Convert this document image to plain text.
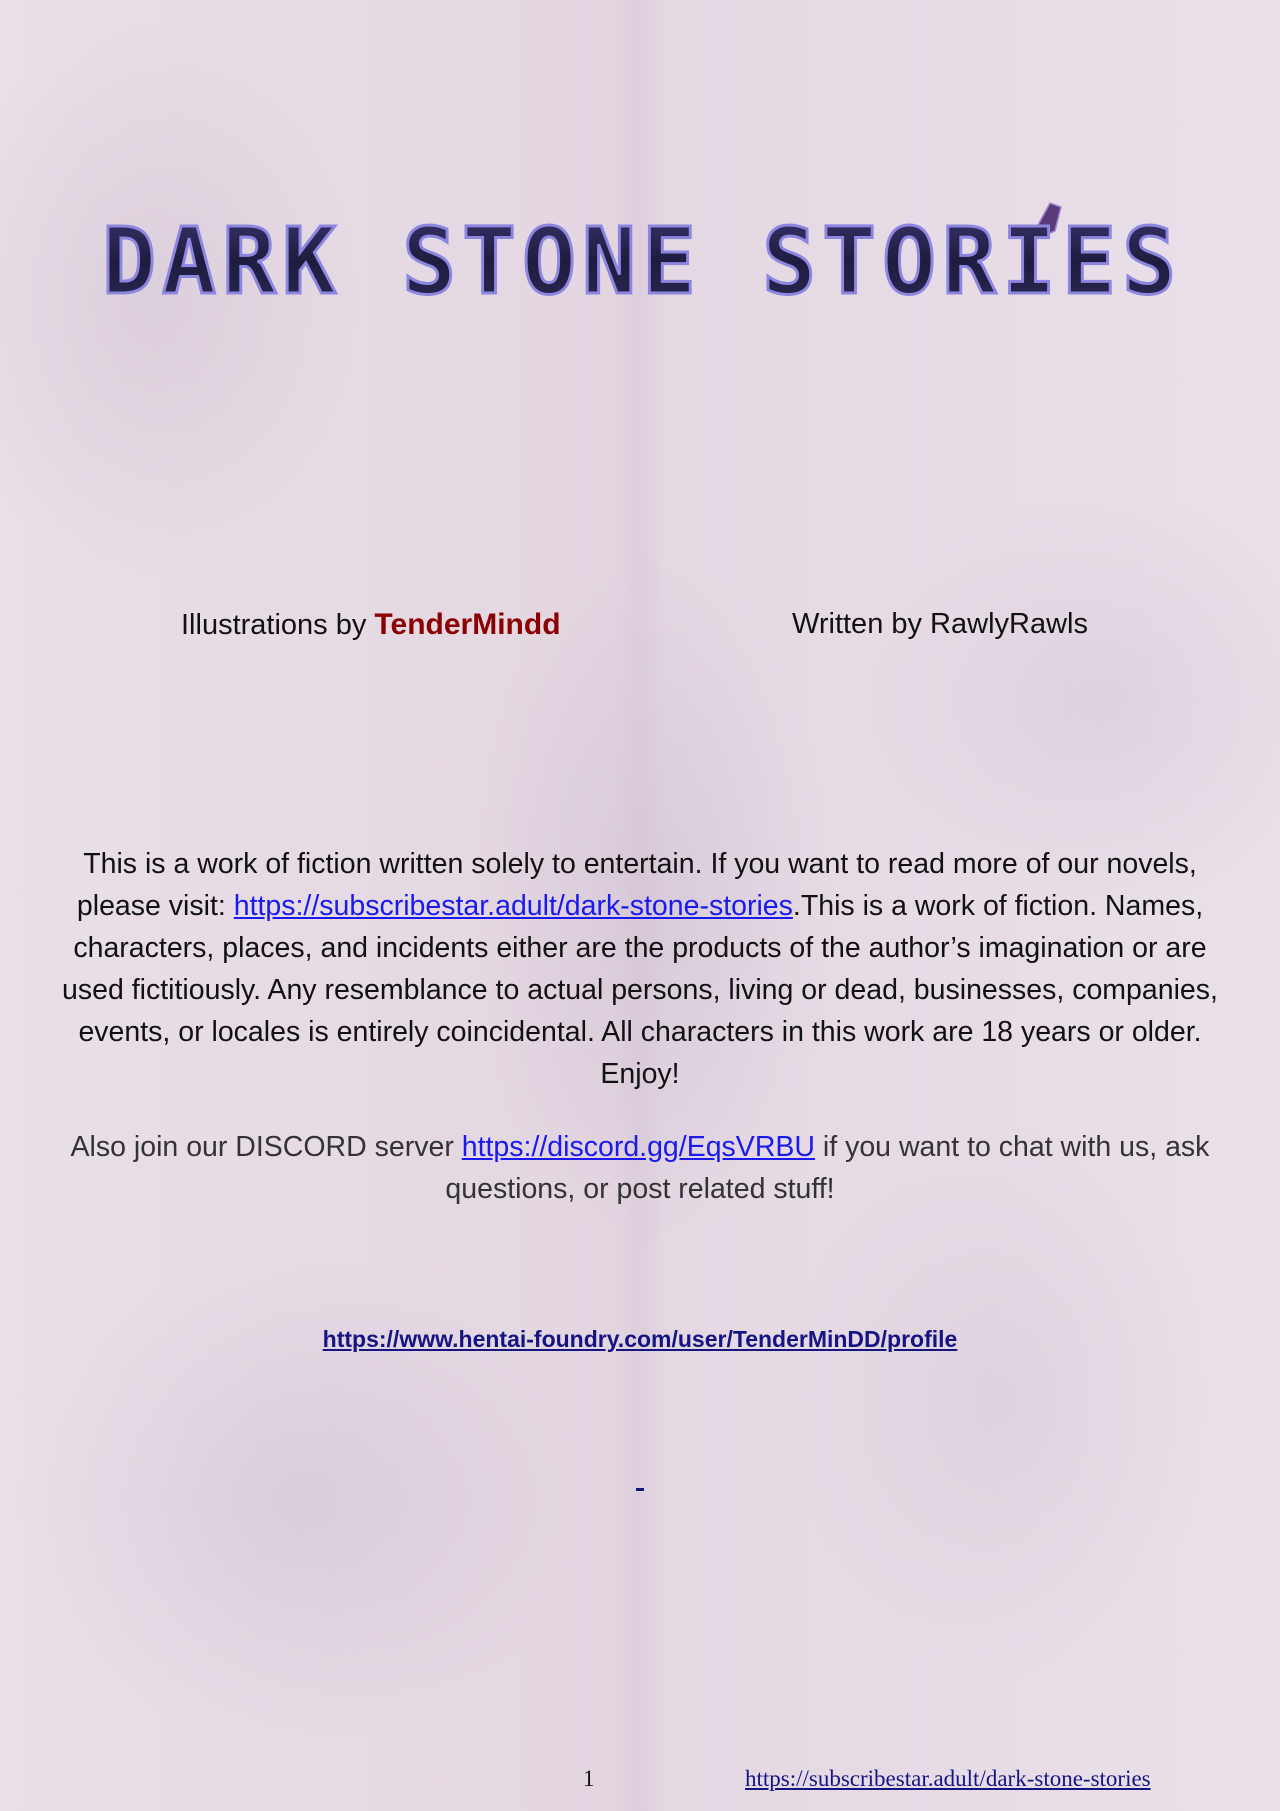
DARK STONE STORIES
Illustrations by TenderMindd	Written by RawlyRawls
This is a work of fiction written solely to entertain. If you want to read more of our novels, please visit: https://subscribestar.adult/dark-stone-stories.This is a work of fiction. Names, characters, places, and incidents either are the products of the author’s imagination or are used fictitiously. Any resemblance to actual persons, living or dead, businesses, companies, events, or locales is entirely coincidental. All characters in this work are 18 years or older. Enjoy!
Also join our DISCORD server https://discord.gg/EqsVRBU if you want to chat with us, ask questions, or post related stuff!
https://www.hentai-foundry.com/user/TenderMinDD/profile
1	https://subscribestar.adult/dark-stone-stories
